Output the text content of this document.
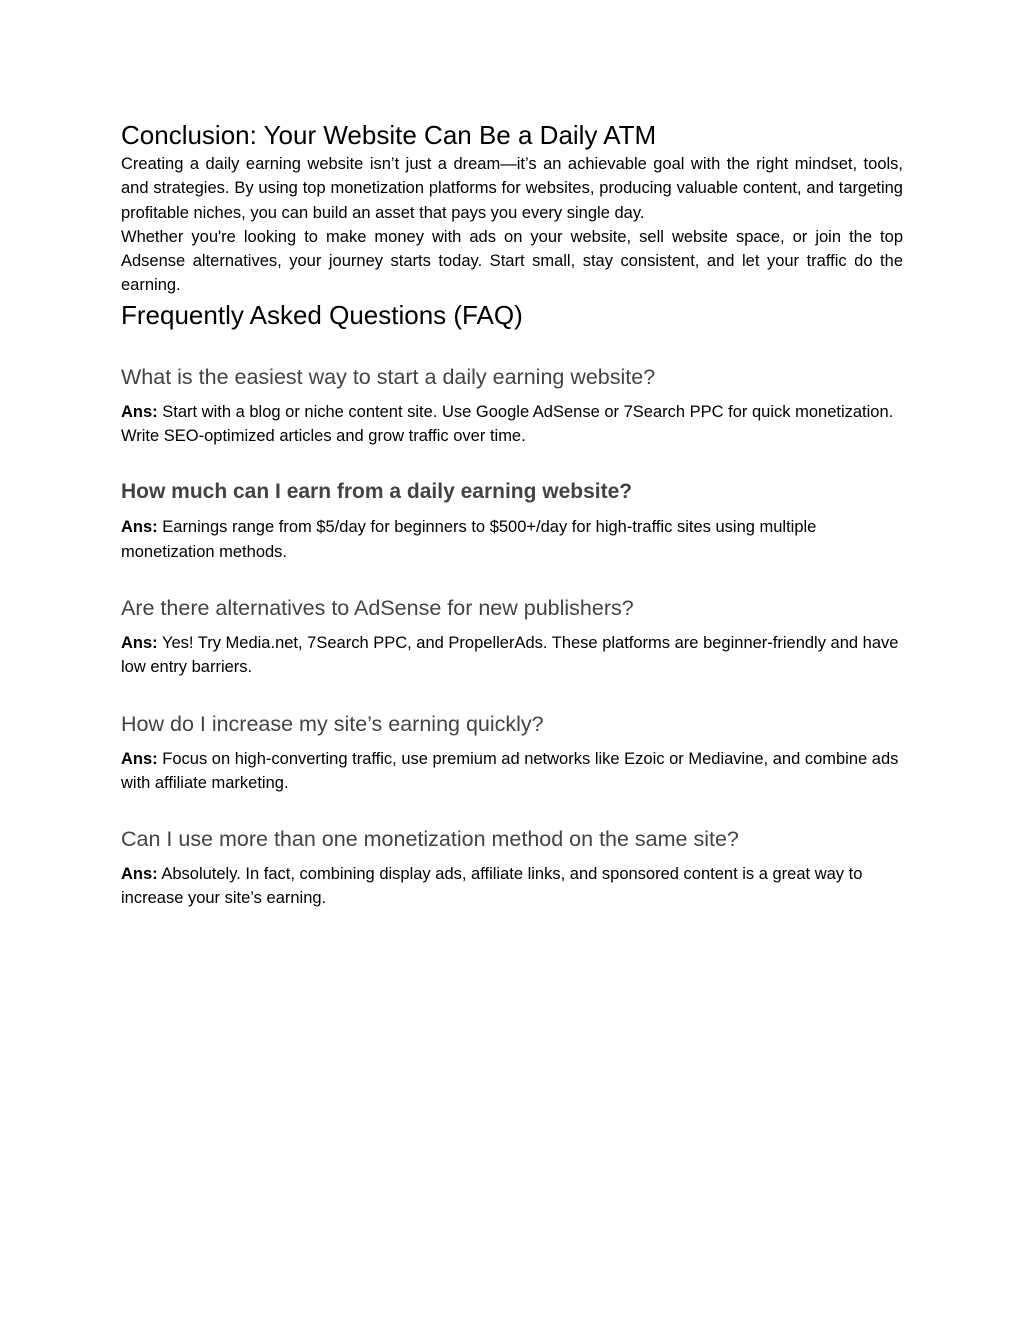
Conclusion: Your Website Can Be a Daily ATM

Creating a daily earning website isn’t just a dream—it’s an achievable goal with the right mindset, tools, and strategies. By using top monetization platforms for websites, producing valuable content, and targeting profitable niches, you can build an asset that pays you every single day.

Whether you're looking to make money with ads on your website, sell website space, or join the top Adsense alternatives, your journey starts today. Start small, stay consistent, and let your traffic do the earning.

Frequently Asked Questions (FAQ)
What is the easiest way to start a daily earning website?

Ans: Start with a blog or niche content site. Use Google AdSense or 7Search PPC for quick monetization. Write SEO-optimized articles and grow traffic over time.

How much can I earn from a daily earning website?

Ans: Earnings range from $5/day for beginners to $500+/day for high-traffic sites using multiple monetization methods.

Are there alternatives to AdSense for new publishers?

Ans: Yes! Try Media.net, 7Search PPC, and PropellerAds. These platforms are beginner-friendly and have low entry barriers.

How do I increase my site’s earning quickly?

Ans: Focus on high-converting traffic, use premium ad networks like Ezoic or Mediavine, and combine ads with affiliate marketing.

Can I use more than one monetization method on the same site?

Ans: Absolutely. In fact, combining display ads, affiliate links, and sponsored content is a great way to increase your site’s earning.
